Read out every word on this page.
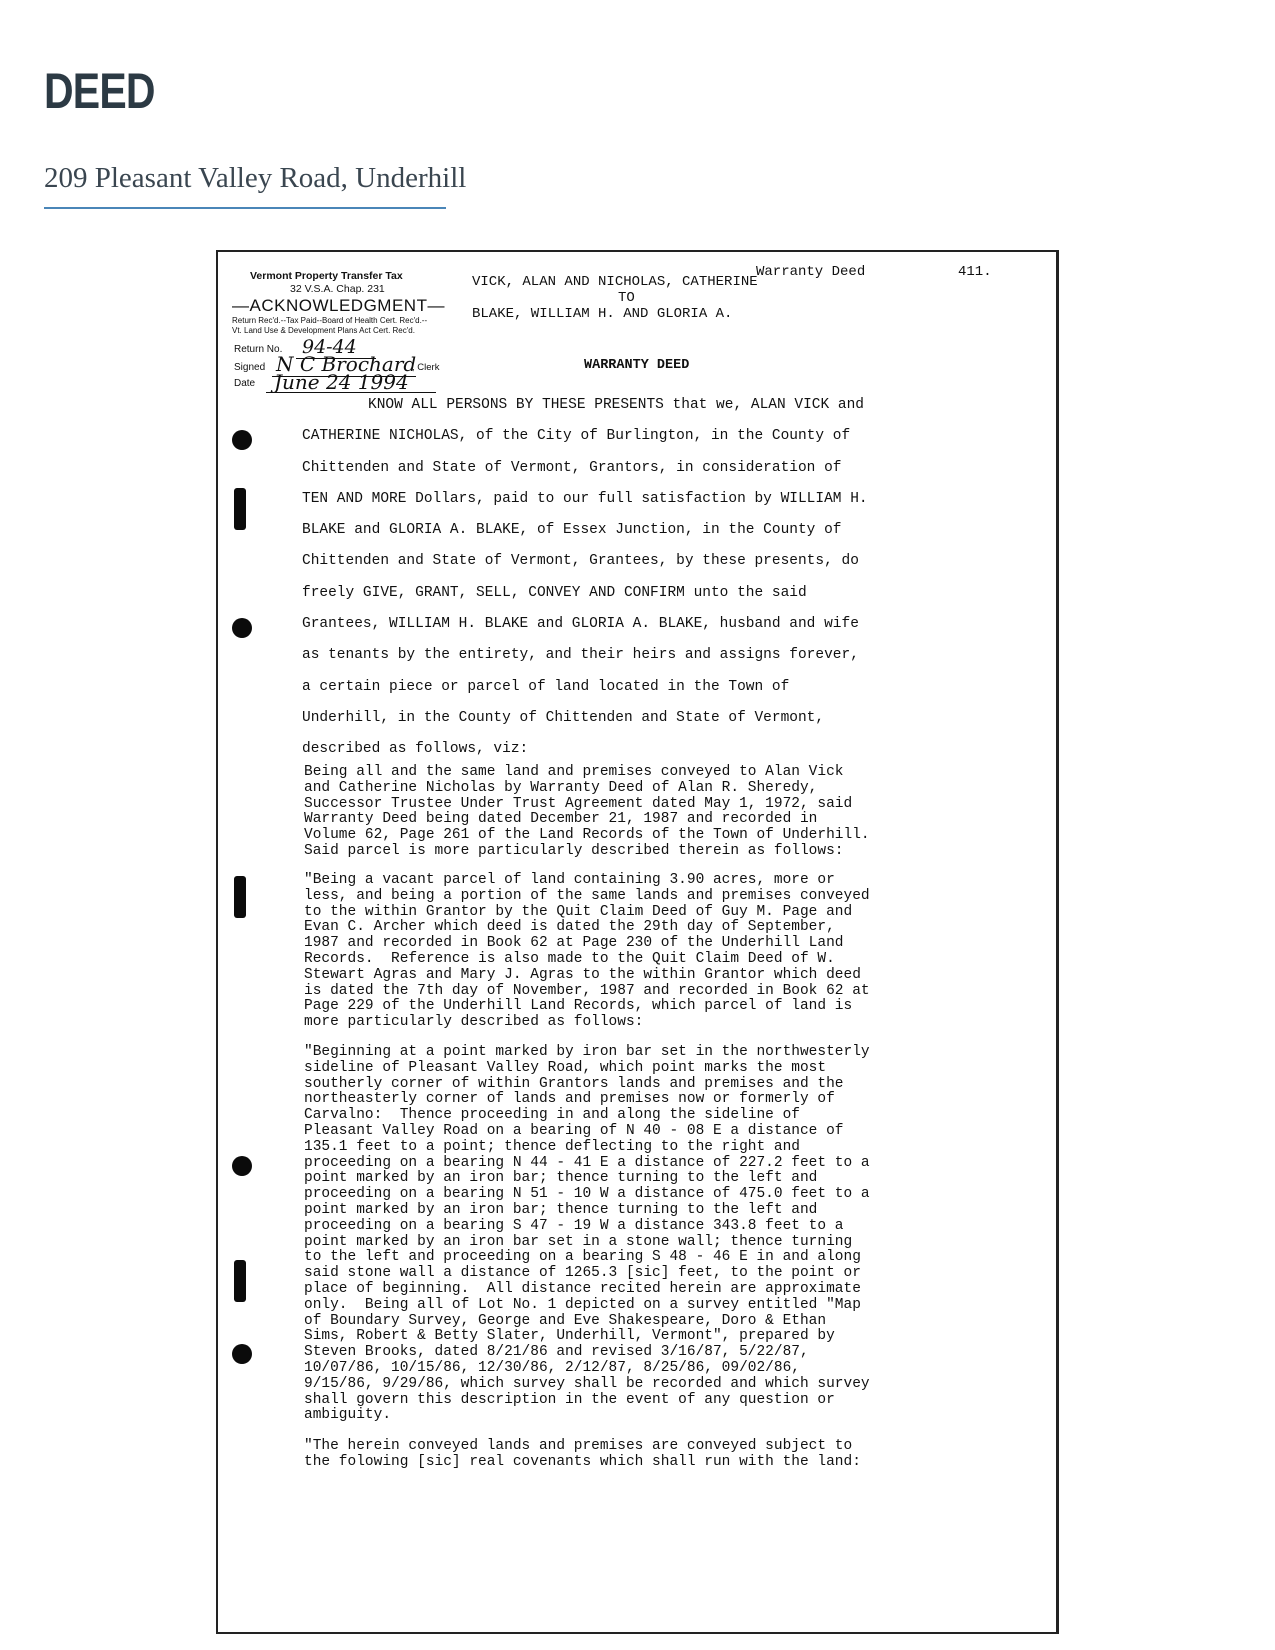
DEED

209 Pleasant Valley Road, Underhill

Vermont Property Transfer Tax
32 V.S.A. Chap. 231
—ACKNOWLEDGMENT—
Return Rec'd.--Tax Paid--Board of Health Cert. Rec'd.--
Vt. Land Use & Development Plans Act Cert. Rec'd.
Return No. 94-44
Signed N C Brochard
, Clerk
Date June 24 1994
Warranty Deed	411.
VICK, ALAN AND NICHOLAS, CATHERINE
TO
BLAKE, WILLIAM H. AND GLORIA A.
WARRANTY DEED

KNOW ALL PERSONS BY THESE PRESENTS that we, ALAN VICK and

CATHERINE NICHOLAS, of the City of Burlington, in the County of

Chittenden and State of Vermont, Grantors, in consideration of

TEN AND MORE Dollars, paid to our full satisfaction by WILLIAM H.

BLAKE and GLORIA A. BLAKE, of Essex Junction, in the County of

Chittenden and State of Vermont, Grantees, by these presents, do

freely GIVE, GRANT, SELL, CONVEY AND CONFIRM unto the said

Grantees, WILLIAM H. BLAKE and GLORIA A. BLAKE, husband and wife

as tenants by the entirety, and their heirs and assigns forever,

a certain piece or parcel of land located in the Town of

Underhill, in the County of Chittenden and State of Vermont,

described as follows, viz:

Being all and the same land and premises conveyed to Alan Vick
and Catherine Nicholas by Warranty Deed of Alan R. Sheredy,
Successor Trustee Under Trust Agreement dated May 1, 1972, said
Warranty Deed being dated December 21, 1987 and recorded in
Volume 62, Page 261 of the Land Records of the Town of Underhill.
Said parcel is more particularly described therein as follows:
"Being a vacant parcel of land containing 3.90 acres, more or
less, and being a portion of the same lands and premises conveyed
to the within Grantor by the Quit Claim Deed of Guy M. Page and
Evan C. Archer which deed is dated the 29th day of September,
1987 and recorded in Book 62 at Page 230 of the Underhill Land
Records.  Reference is also made to the Quit Claim Deed of W.
Stewart Agras and Mary J. Agras to the within Grantor which deed
is dated the 7th day of November, 1987 and recorded in Book 62 at
Page 229 of the Underhill Land Records, which parcel of land is
more particularly described as follows:
"Beginning at a point marked by iron bar set in the northwesterly
sideline of Pleasant Valley Road, which point marks the most
southerly corner of within Grantors lands and premises and the
northeasterly corner of lands and premises now or formerly of
Carvalno:  Thence proceeding in and along the sideline of
Pleasant Valley Road on a bearing of N 40 - 08 E a distance of
135.1 feet to a point; thence deflecting to the right and
proceeding on a bearing N 44 - 41 E a distance of 227.2 feet to a
point marked by an iron bar; thence turning to the left and
proceeding on a bearing N 51 - 10 W a distance of 475.0 feet to a
point marked by an iron bar; thence turning to the left and
proceeding on a bearing S 47 - 19 W a distance 343.8 feet to a
point marked by an iron bar set in a stone wall; thence turning
to the left and proceeding on a bearing S 48 - 46 E in and along
said stone wall a distance of 1265.3 [sic] feet, to the point or
place of beginning.  All distance recited herein are approximate
only.  Being all of Lot No. 1 depicted on a survey entitled "Map
of Boundary Survey, George and Eve Shakespeare, Doro & Ethan
Sims, Robert & Betty Slater, Underhill, Vermont", prepared by
Steven Brooks, dated 8/21/86 and revised 3/16/87, 5/22/87,
10/07/86, 10/15/86, 12/30/86, 2/12/87, 8/25/86, 09/02/86,
9/15/86, 9/29/86, which survey shall be recorded and which survey
shall govern this description in the event of any question or
ambiguity.
"The herein conveyed lands and premises are conveyed subject to
the folowing [sic] real covenants which shall run with the land:
